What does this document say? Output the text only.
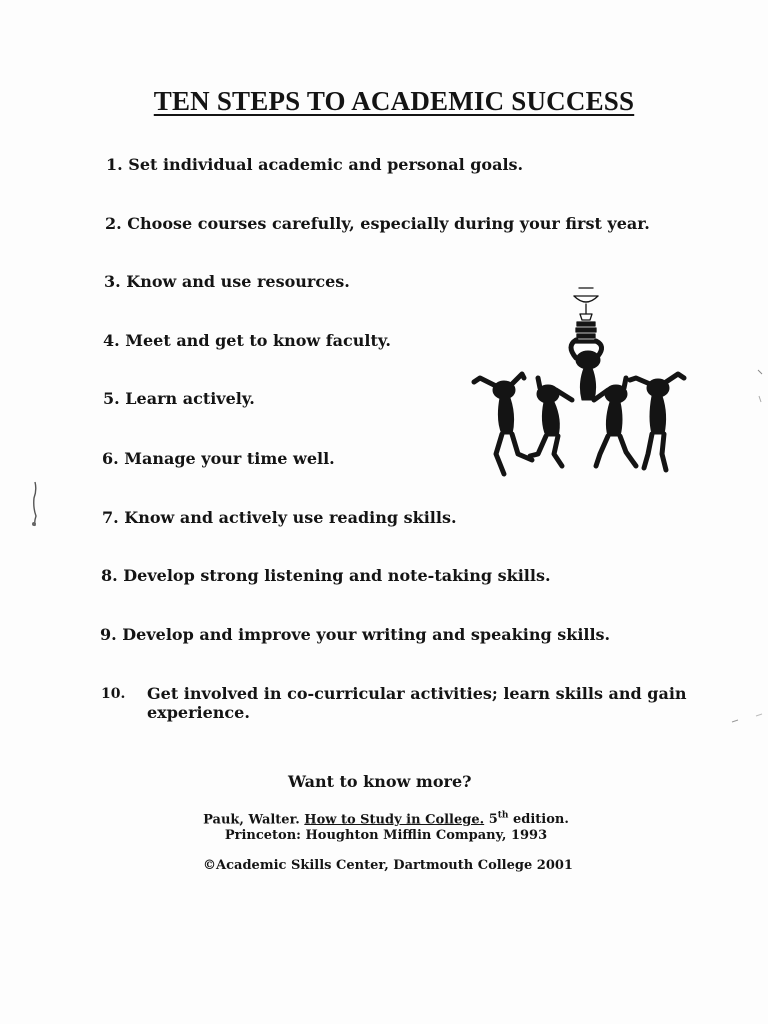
TEN STEPS TO ACADEMIC SUCCESS
1. Set individual academic and personal goals.
2. Choose courses carefully, especially during your first year.
3. Know and use resources.
4. Meet and get to know faculty.
5. Learn actively.
6. Manage your time well.
7. Know and actively use reading skills.
8. Develop strong listening and note-taking skills.
9. Develop and improve your writing and speaking skills.
10. Get involved in co-curricular activities; learn skills and gain experience.
Want to know more?
Pauk, Walter. How to Study in College. 5th edition.
Princeton: Houghton Mifflin Company, 1993
©Academic Skills Center, Dartmouth College 2001
